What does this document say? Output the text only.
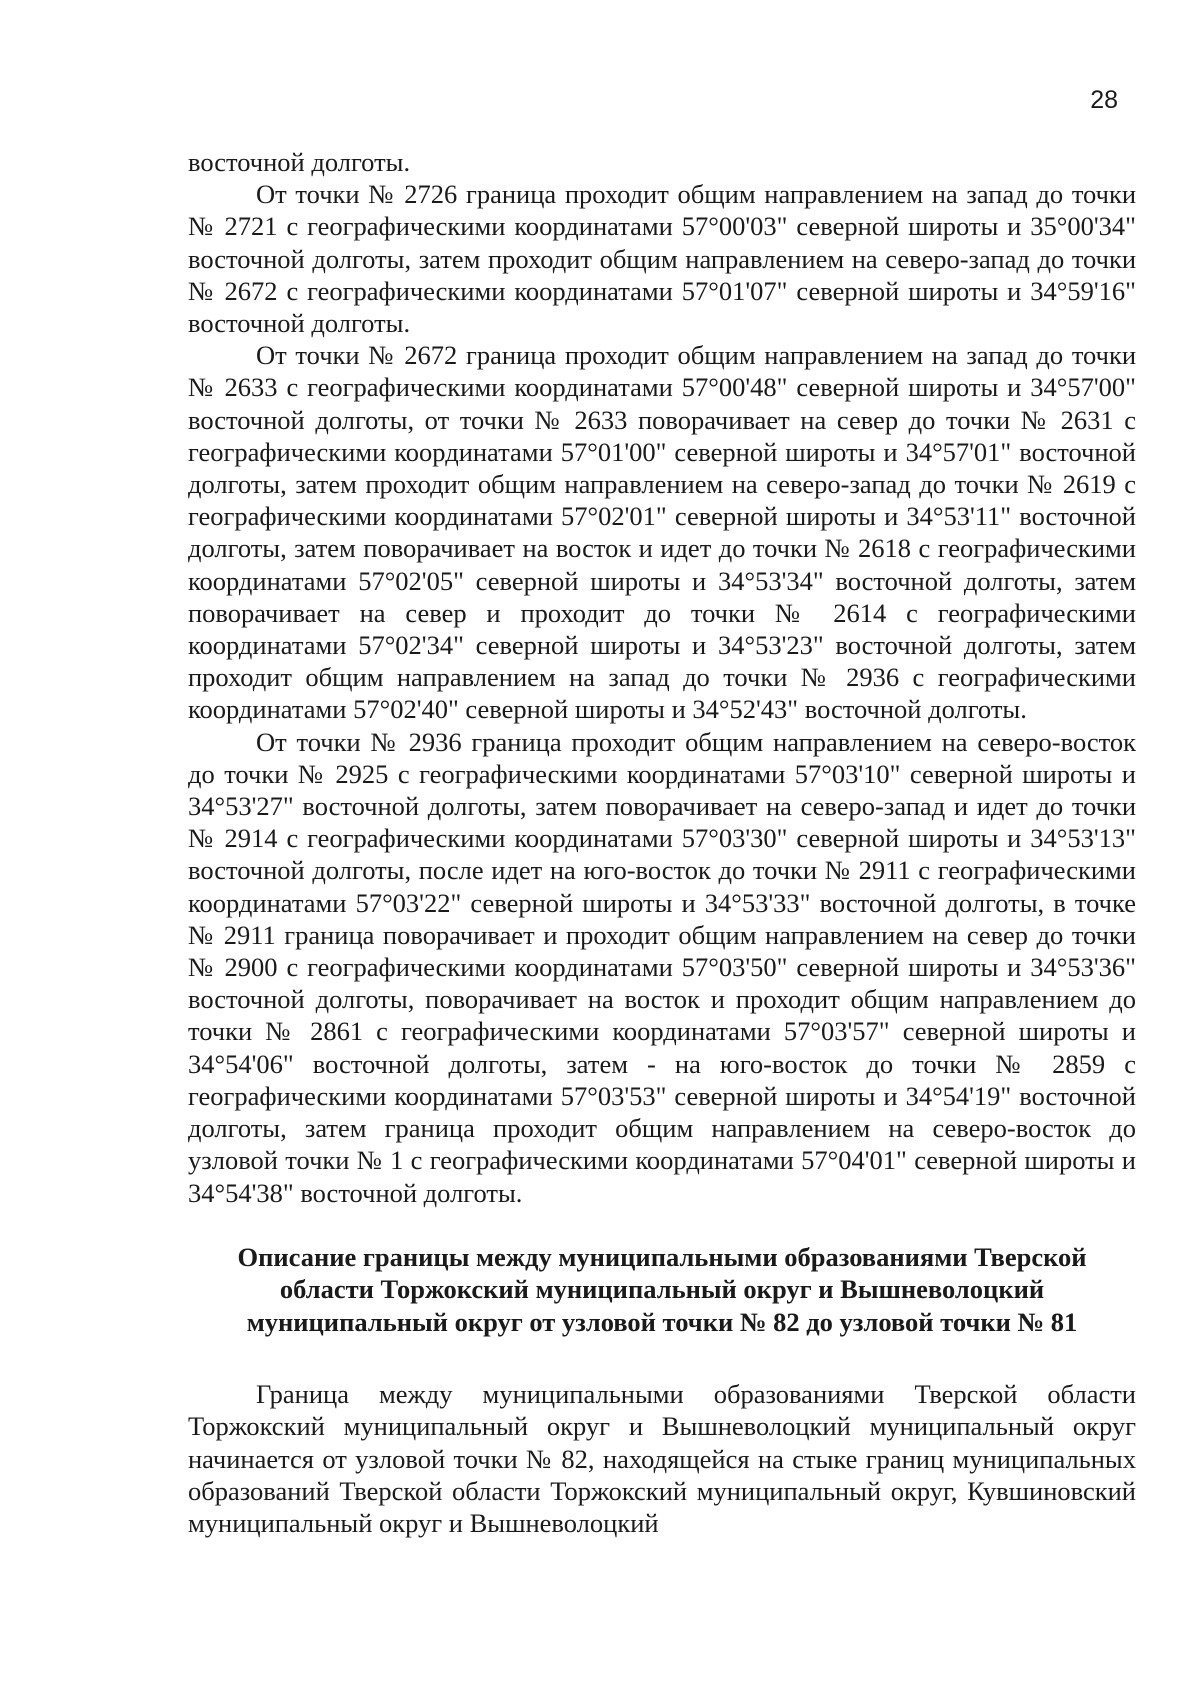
28

восточной долготы.

От точки № 2726 граница проходит общим направлением на запад до точки № 2721 с географическими координатами 57°00'03" северной широты и 35°00'34" восточной долготы, затем проходит общим направлением на северо-запад до точки № 2672 с географическими координатами 57°01'07" северной широты и 34°59'16" восточной долготы.

От точки № 2672 граница проходит общим направлением на запад до точки № 2633 с географическими координатами 57°00'48" северной широты и 34°57'00" восточной долготы, от точки № 2633 поворачивает на север до точки № 2631 с географическими координатами 57°01'00" северной широты и 34°57'01" восточной долготы, затем проходит общим направлением на северо-запад до точки № 2619 с географическими координатами 57°02'01" северной широты и 34°53'11" восточной долготы, затем поворачивает на восток и идет до точки № 2618 с географическими координатами 57°02'05" северной широты и 34°53'34" восточной долготы, затем поворачивает на север и проходит до точки № 2614 с географическими координатами 57°02'34" северной широты и 34°53'23" восточной долготы, затем проходит общим направлением на запад до точки № 2936 с географическими координатами 57°02'40" северной широты и 34°52'43" восточной долготы.

От точки № 2936 граница проходит общим направлением на северо-восток до точки № 2925 с географическими координатами 57°03'10" северной широты и 34°53'27" восточной долготы, затем поворачивает на северо-запад и идет до точки № 2914 с географическими координатами 57°03'30" северной широты и 34°53'13" восточной долготы, после идет на юго-восток до точки № 2911 с географическими координатами 57°03'22" северной широты и 34°53'33" восточной долготы, в точке № 2911 граница поворачивает и проходит общим направлением на север до точки № 2900 с географическими координатами 57°03'50" северной широты и 34°53'36" восточной долготы, поворачивает на восток и проходит общим направлением до точки № 2861 с географическими координатами 57°03'57" северной широты и 34°54'06" восточной долготы, затем - на юго-восток до точки № 2859 с географическими координатами 57°03'53" северной широты и 34°54'19" восточной долготы, затем граница проходит общим направлением на северо-восток до узловой точки № 1 с географическими координатами 57°04'01" северной широты и 34°54'38" восточной долготы.

Описание границы между муниципальными образованиями Тверской области Торжокский муниципальный округ и Вышневолоцкий муниципальный округ от узловой точки № 82 до узловой точки № 81

Граница между муниципальными образованиями Тверской области Торжокский муниципальный округ и Вышневолоцкий муниципальный округ начинается от узловой точки № 82, находящейся на стыке границ муниципальных образований Тверской области Торжокский муниципальный округ, Кувшиновский муниципальный округ и Вышневолоцкий
